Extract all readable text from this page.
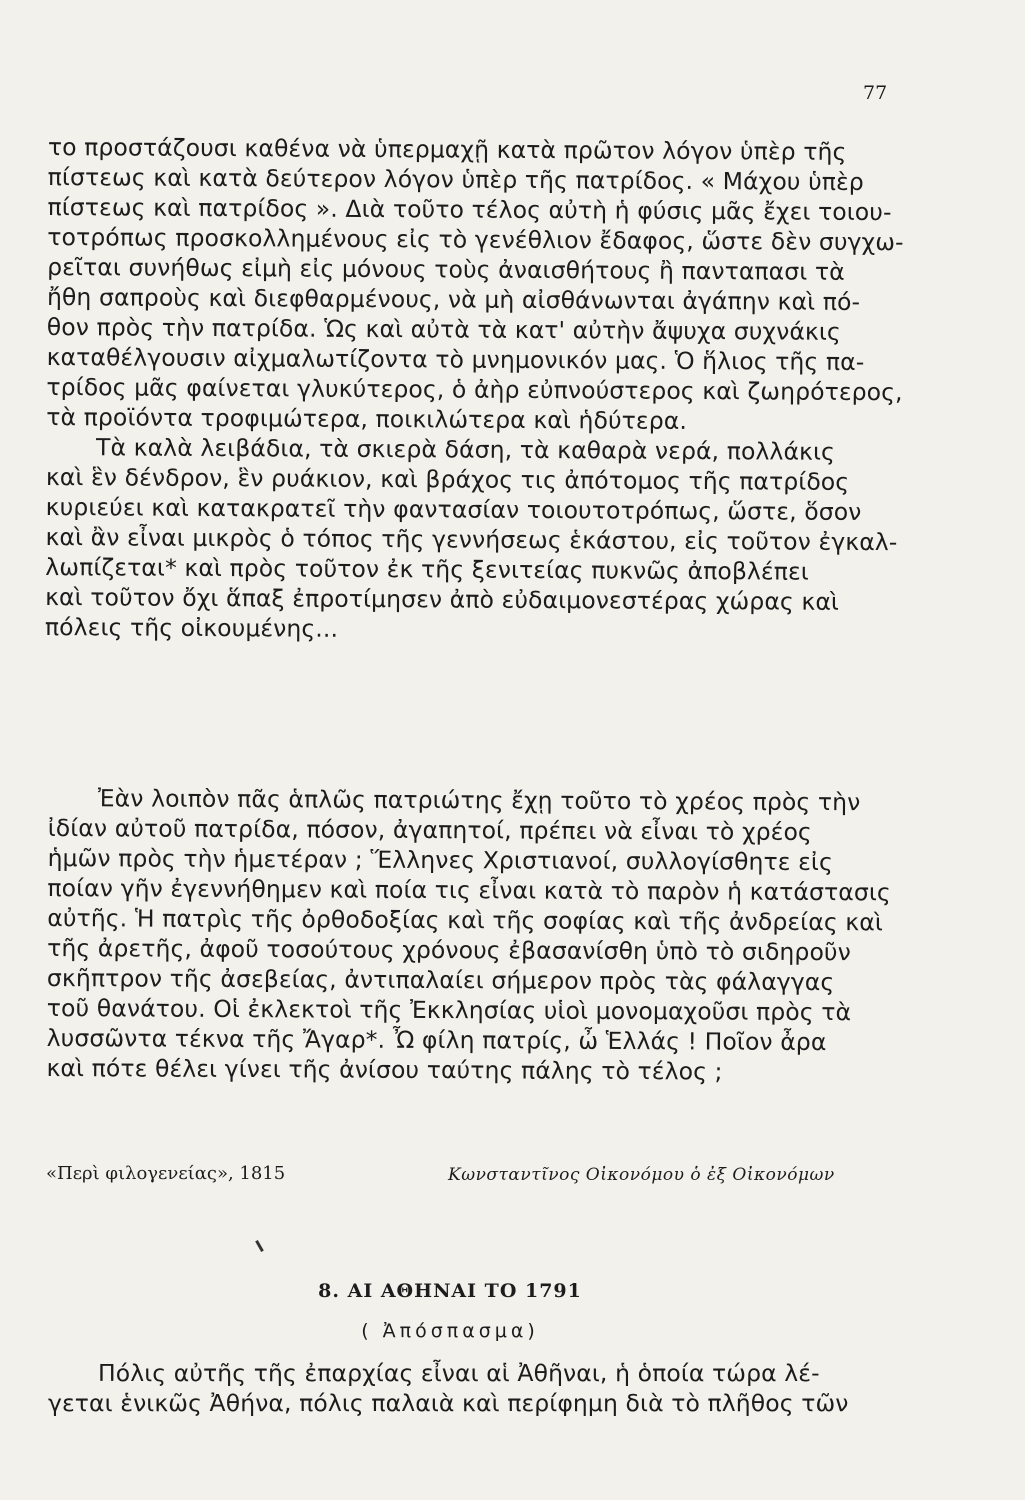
77
το προστάζουσι καθένα νὰ ὑπερμαχῇ κατὰ πρῶτον λόγον ὑπὲρ τῆς
πίστεως καὶ κατὰ δεύτερον λόγον ὑπὲρ τῆς πατρίδος. « Μάχου ὑπὲρ
πίστεως καὶ πατρίδος ». Διὰ τοῦτο τέλος αὐτὴ ἡ φύσις μᾶς ἔχει τοιου-
τοτρόπως προσκολλημένους εἰς τὸ γενέθλιον ἔδαφος, ὥστε δὲν συγχω-
ρεῖται συνήθως εἰμὴ εἰς μόνους τοὺς ἀναισθήτους ἢ πανταπασι τὰ
ἤθη σαπροὺς καὶ διεφθαρμένους, νὰ μὴ αἰσθάνωνται ἀγάπην καὶ πό-
θον πρὸς τὴν πατρίδα. Ὡς καὶ αὐτὰ τὰ κατ' αὐτὴν ἄψυχα συχνάκις
καταθέλγουσιν αἰχμαλωτίζοντα τὸ μνημονικόν μας. Ὁ ἥλιος τῆς πα-
τρίδος μᾶς φαίνεται γλυκύτερος, ὁ ἀὴρ εὐπνούστερος καὶ ζωηρότερος,
τὰ προϊόντα τροφιμώτερα, ποικιλώτερα καὶ ἡδύτερα.
Τὰ καλὰ λειβάδια, τὰ σκιερὰ δάση, τὰ καθαρὰ νερά, πολλάκις
καὶ ἓν δένδρον, ἓν ρυάκιον, καὶ βράχος τις ἀπότομος τῆς πατρίδος
κυριεύει καὶ κατακρατεῖ τὴν φαντασίαν τοιουτοτρόπως, ὥστε, ὅσον
καὶ ἂν εἶναι μικρὸς ὁ τόπος τῆς γεννήσεως ἑκάστου, εἰς τοῦτον ἐγκαλ-
λωπίζεται* καὶ πρὸς τοῦτον ἐκ τῆς ξενιτείας πυκνῶς ἀποβλέπει
καὶ τοῦτον ὄχι ἅπαξ ἐπροτίμησεν ἀπὸ εὐδαιμονεστέρας χώρας καὶ
πόλεις τῆς οἰκουμένης...
Ἐὰν λοιπὸν πᾶς ἁπλῶς πατριώτης ἔχῃ τοῦτο τὸ χρέος πρὸς τὴν
ἰδίαν αὐτοῦ πατρίδα, πόσον, ἀγαπητοί, πρέπει νὰ εἶναι τὸ χρέος
ἡμῶν πρὸς τὴν ἡμετέραν ; Ἕλληνες Χριστιανοί, συλλογίσθητε εἰς
ποίαν γῆν ἐγεννήθημεν καὶ ποία τις εἶναι κατὰ τὸ παρὸν ἡ κατάστασις
αὐτῆς. Ἡ πατρὶς τῆς ὀρθοδοξίας καὶ τῆς σοφίας καὶ τῆς ἀνδρείας καὶ
τῆς ἀρετῆς, ἀφοῦ τοσούτους χρόνους ἐβασανίσθη ὑπὸ τὸ σιδηροῦν
σκῆπτρον τῆς ἀσεβείας, ἀντιπαλαίει σήμερον πρὸς τὰς φάλαγγας
τοῦ θανάτου. Οἱ ἐκλεκτοὶ τῆς Ἐκκλησίας υἱοὶ μονομαχοῦσι πρὸς τὰ
λυσσῶντα τέκνα τῆς Ἄγαρ*. Ὦ φίλη πατρίς, ὦ Ἑλλάς ! Ποῖον ἆρα
καὶ πότε θέλει γίνει τῆς ἀνίσου ταύτης πάλης τὸ τέλος ;
«Περὶ φιλογενείας», 1815	Κωνσταντῖνος Οἰκονόμου ὁ ἐξ Οἰκονόμων
8. ΑΙ ΑΘΗΝΑΙ ΤΟ 1791
( Ἀπόσπασμα)
Πόλις αὐτῆς τῆς ἐπαρχίας εἶναι αἱ Ἀθῆναι, ἡ ὁποία τώρα λέ-
γεται ἑνικῶς Ἀθήνα, πόλις παλαιὰ καὶ περίφημη διὰ τὸ πλῆθος τῶν
